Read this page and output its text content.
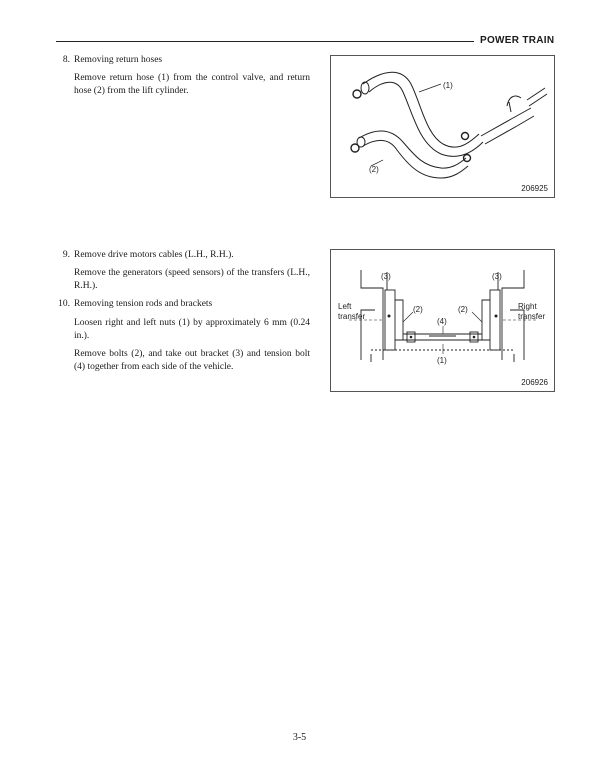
POWER TRAIN
8. Removing return hoses
Remove return hose (1) from the control valve, and return hose (2) from the lift cylinder.
9. Remove drive motors cables (L.H., R.H.).
Remove the generators (speed sensors) of the transfers (L.H., R.H.).
10. Removing tension rods and brackets
Loosen right and left nuts (1) by approximately 6 mm (0.24 in.).
Remove bolts (2), and take out bracket (3) and tension bolt (4) together from each side of the vehicle.
(1)
(2)
206925
(3)	(3)
(2)	(2)
(4)
(1)
Left
transfer
Right
transfer
206926
3-5
